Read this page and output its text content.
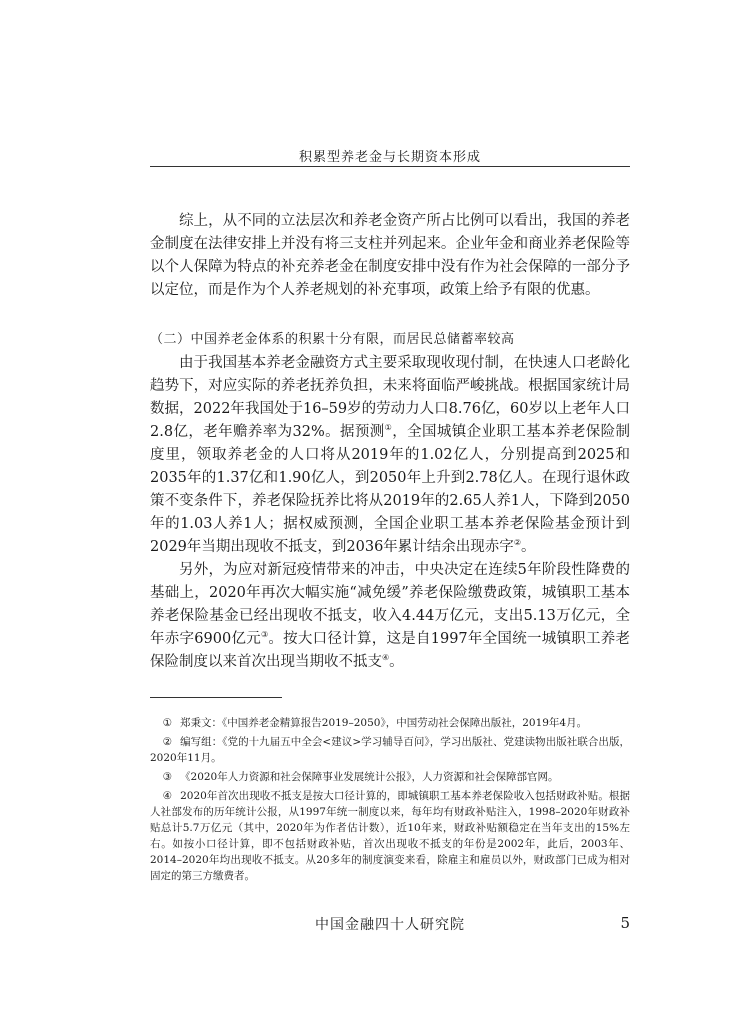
积累型养老金与长期资本形成

综上，从不同的立法层次和养老金资产所占比例可以看出，我国的养老金制度在法律安排上并没有将三支柱并列起来。企业年金和商业养老保险等以个人保障为特点的补充养老金在制度安排中没有作为社会保障的一部分予以定位，而是作为个人养老规划的补充事项，政策上给予有限的优惠。

（二）中国养老金体系的积累十分有限，而居民总储蓄率较高

由于我国基本养老金融资方式主要采取现收现付制，在快速人口老龄化趋势下，对应实际的养老抚养负担，未来将面临严峻挑战。根据国家统计局数据，2022年我国处于16–59岁的劳动力人口8.76亿，60岁以上老年人口2.8亿，老年赡养率为32%。据预测①，全国城镇企业职工基本养老保险制度里，领取养老金的人口将从2019年的1.02亿人，分别提高到2025和2035年的1.37亿和1.90亿人，到2050年上升到2.78亿人。在现行退休政策不变条件下，养老保险抚养比将从2019年的2.65人养1人，下降到2050年的1.03人养1人；据权威预测，全国企业职工基本养老保险基金预计到2029年当期出现收不抵支，到2036年累计结余出现赤字②。

另外，为应对新冠疫情带来的冲击，中央决定在连续5年阶段性降费的基础上，2020年再次大幅实施“减免缓”养老保险缴费政策，城镇职工基本养老保险基金已经出现收不抵支，收入4.44万亿元，支出5.13万亿元，全年赤字6900亿元③。按大口径计算，这是自1997年全国统一城镇职工养老保险制度以来首次出现当期收不抵支④。

① 郑秉文：《中国养老金精算报告2019–2050》，中国劳动社会保障出版社，2019年4月。

② 编写组：《党的十九届五中全会<建议>学习辅导百问》，学习出版社、党建读物出版社联合出版，2020年11月。

③ 《2020年人力资源和社会保障事业发展统计公报》，人力资源和社会保障部官网。

④ 2020年首次出现收不抵支是按大口径计算的，即城镇职工基本养老保险收入包括财政补贴。根据人社部发布的历年统计公报，从1997年统一制度以来，每年均有财政补贴注入，1998–2020年财政补贴总计5.7万亿元（其中，2020年为作者估计数），近10年来，财政补贴额稳定在当年支出的15%左右。如按小口径计算，即不包括财政补贴，首次出现收不抵支的年份是2002年，此后，2003年、2014–2020年均出现收不抵支。从20多年的制度演变来看，除雇主和雇员以外，财政部门已成为相对固定的第三方缴费者。

中国金融四十人研究院	5
